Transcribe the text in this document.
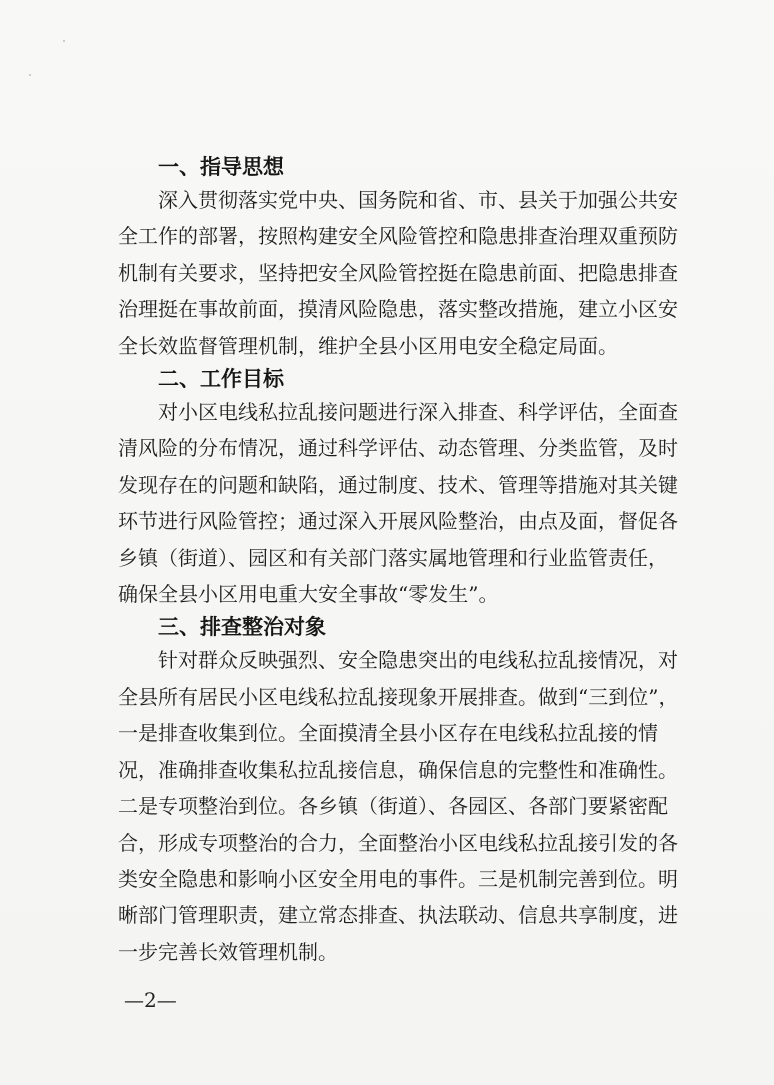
一、指导思想

深入贯彻落实党中央、国务院和省、市、县关于加强公共安
全工作的部署，按照构建安全风险管控和隐患排查治理双重预防
机制有关要求，坚持把安全风险管控挺在隐患前面、把隐患排查
治理挺在事故前面，摸清风险隐患，落实整改措施，建立小区安
全长效监督管理机制，维护全县小区用电安全稳定局面。

二、工作目标

对小区电线私拉乱接问题进行深入排查、科学评估，全面查
清风险的分布情况，通过科学评估、动态管理、分类监管，及时
发现存在的问题和缺陷，通过制度、技术、管理等措施对其关键
环节进行风险管控；通过深入开展风险整治，由点及面，督促各
乡镇（街道）、园区和有关部门落实属地管理和行业监管责任，
确保全县小区用电重大安全事故“零发生”。

三、排查整治对象

针对群众反映强烈、安全隐患突出的电线私拉乱接情况，对
全县所有居民小区电线私拉乱接现象开展排查。做到“三到位”，
一是排查收集到位。全面摸清全县小区存在电线私拉乱接的情
况，准确排查收集私拉乱接信息，确保信息的完整性和准确性。
二是专项整治到位。各乡镇（街道）、各园区、各部门要紧密配
合，形成专项整治的合力，全面整治小区电线私拉乱接引发的各
类安全隐患和影响小区安全用电的事件。三是机制完善到位。明
晰部门管理职责，建立常态排查、执法联动、信息共享制度，进
一步完善长效管理机制。

—2—
